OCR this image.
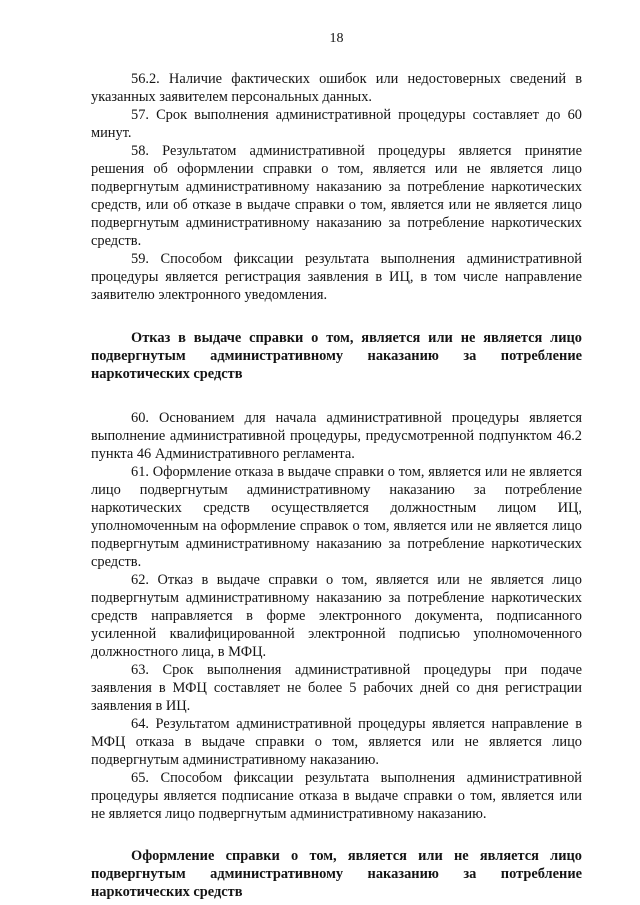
18

56.2. Наличие фактических ошибок или недостоверных сведений в указанных заявителем персональных данных.

57. Срок выполнения административной процедуры составляет до 60 минут.

58. Результатом административной процедуры является принятие решения об оформлении справки о том, является или не является лицо подвергнутым административному наказанию за потребление наркотических средств, или об отказе в выдаче справки о том, является или не является лицо подвергнутым административному наказанию за потребление наркотических средств.

59. Способом фиксации результата выполнения административной процедуры является регистрация заявления в ИЦ, в том числе направление заявителю электронного уведомления.

Отказ в выдаче справки о том, является или не является лицо подвергнутым административному наказанию за потребление наркотических средств

60. Основанием для начала административной процедуры является выполнение административной процедуры, предусмотренной подпунктом 46.2 пункта 46 Административного регламента.

61. Оформление отказа в выдаче справки о том, является или не является лицо подвергнутым административному наказанию за потребление наркотических средств осуществляется должностным лицом ИЦ, уполномоченным на оформление справок о том, является или не является лицо подвергнутым административному наказанию за потребление наркотических средств.

62. Отказ в выдаче справки о том, является или не является лицо подвергнутым административному наказанию за потребление наркотических средств направляется в форме электронного документа, подписанного усиленной квалифицированной электронной подписью уполномоченного должностного лица, в МФЦ.

63. Срок выполнения административной процедуры при подаче заявления в МФЦ составляет не более 5 рабочих дней со дня регистрации заявления в ИЦ.

64. Результатом административной процедуры является направление в МФЦ отказа в выдаче справки о том, является или не является лицо подвергнутым административному наказанию.

65. Способом фиксации результата выполнения административной процедуры является подписание отказа в выдаче справки о том, является или не является лицо подвергнутым административному наказанию.

Оформление справки о том, является или не является лицо подвергнутым административному наказанию за потребление наркотических средств
